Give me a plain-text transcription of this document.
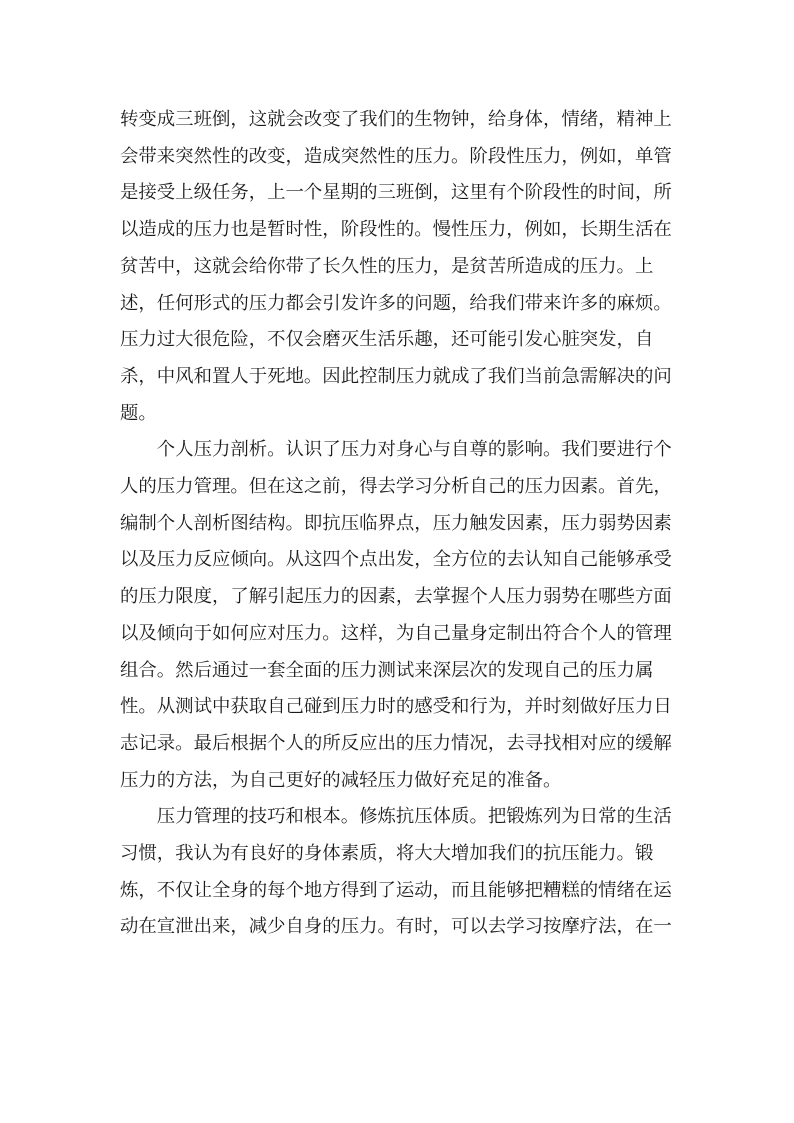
转变成三班倒，这就会改变了我们的生物钟，给身体，情绪，精神上会带来突然性的改变，造成突然性的压力。阶段性压力，例如，单管是接受上级任务，上一个星期的三班倒，这里有个阶段性的时间，所以造成的压力也是暂时性，阶段性的。慢性压力，例如，长期生活在贫苦中，这就会给你带了长久性的压力，是贫苦所造成的压力。上述，任何形式的压力都会引发许多的问题，给我们带来许多的麻烦。压力过大很危险，不仅会磨灭生活乐趣，还可能引发心脏突发，自杀，中风和置人于死地。因此控制压力就成了我们当前急需解决的问题。

个人压力剖析。认识了压力对身心与自尊的影响。我们要进行个人的压力管理。但在这之前，得去学习分析自己的压力因素。首先，编制个人剖析图结构。即抗压临界点，压力触发因素，压力弱势因素以及压力反应倾向。从这四个点出发，全方位的去认知自己能够承受的压力限度，了解引起压力的因素，去掌握个人压力弱势在哪些方面以及倾向于如何应对压力。这样，为自己量身定制出符合个人的管理组合。然后通过一套全面的压力测试来深层次的发现自己的压力属性。从测试中获取自己碰到压力时的感受和行为，并时刻做好压力日志记录。最后根据个人的所反应出的压力情况，去寻找相对应的缓解压力的方法，为自己更好的减轻压力做好充足的准备。

压力管理的技巧和根本。修炼抗压体质。把锻炼列为日常的生活习惯，我认为有良好的身体素质，将大大增加我们的抗压能力。锻炼，不仅让全身的每个地方得到了运动，而且能够把糟糕的情绪在运动在宣泄出来，减少自身的压力。有时，可以去学习按摩疗法，在一
